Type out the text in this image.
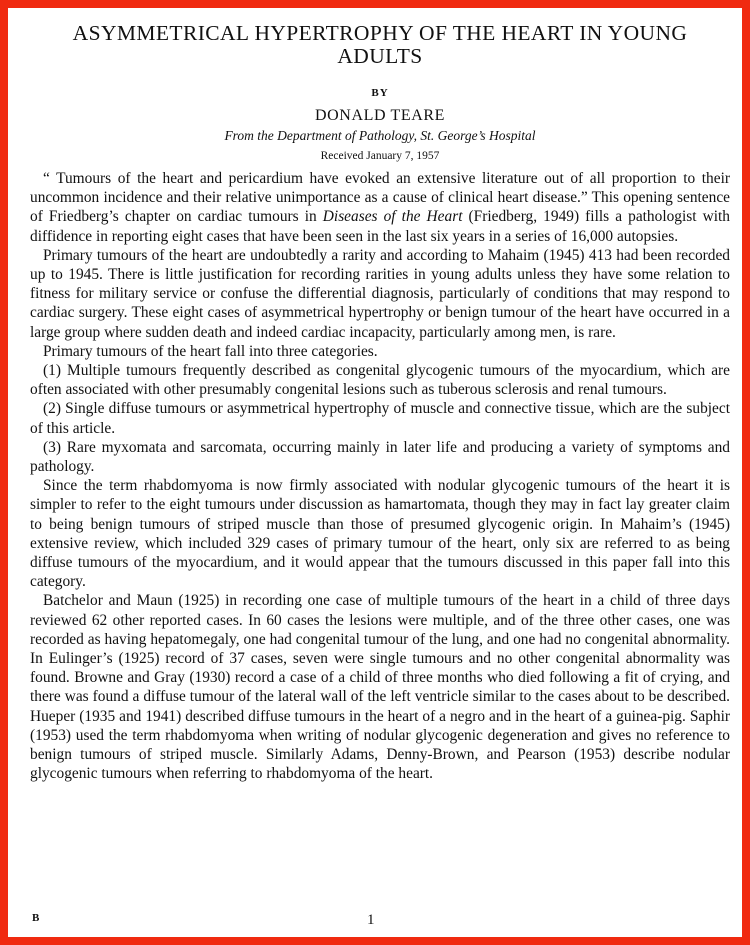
ASYMMETRICAL HYPERTROPHY OF THE HEART IN YOUNG ADULTS
BY
DONALD TEARE
From the Department of Pathology, St. George’s Hospital
Received January 7, 1957

“ Tumours of the heart and pericardium have evoked an extensive literature out of all proportion to their uncommon incidence and their relative unimportance as a cause of clinical heart disease.” This opening sentence of Friedberg’s chapter on cardiac tumours in Diseases of the Heart (Friedberg, 1949) fills a pathologist with diffidence in reporting eight cases that have been seen in the last six years in a series of 16,000 autopsies.

Primary tumours of the heart are undoubtedly a rarity and according to Mahaim (1945) 413 had been recorded up to 1945. There is little justification for recording rarities in young adults unless they have some relation to fitness for military service or confuse the differential diagnosis, particularly of conditions that may respond to cardiac surgery. These eight cases of asymmetrical hypertrophy or benign tumour of the heart have occurred in a large group where sudden death and indeed cardiac incapacity, particularly among men, is rare.

Primary tumours of the heart fall into three categories.

(1) Multiple tumours frequently described as congenital glycogenic tumours of the myocardium, which are often associated with other presumably congenital lesions such as tuberous sclerosis and renal tumours.

(2) Single diffuse tumours or asymmetrical hypertrophy of muscle and connective tissue, which are the subject of this article.

(3) Rare myxomata and sarcomata, occurring mainly in later life and producing a variety of symptoms and pathology.

Since the term rhabdomyoma is now firmly associated with nodular glycogenic tumours of the heart it is simpler to refer to the eight tumours under discussion as hamartomata, though they may in fact lay greater claim to being benign tumours of striped muscle than those of presumed glycogenic origin. In Mahaim’s (1945) extensive review, which included 329 cases of primary tumour of the heart, only six are referred to as being diffuse tumours of the myocardium, and it would appear that the tumours discussed in this paper fall into this category.

Batchelor and Maun (1925) in recording one case of multiple tumours of the heart in a child of three days reviewed 62 other reported cases. In 60 cases the lesions were multiple, and of the three other cases, one was recorded as having hepatomegaly, one had congenital tumour of the lung, and one had no congenital abnormality. In Eulinger’s (1925) record of 37 cases, seven were single tumours and no other congenital abnormality was found. Browne and Gray (1930) record a case of a child of three months who died following a fit of crying, and there was found a diffuse tumour of the lateral wall of the left ventricle similar to the cases about to be described. Hueper (1935 and 1941) described diffuse tumours in the heart of a negro and in the heart of a guinea-pig. Saphir (1953) used the term rhabdomyoma when writing of nodular glycogenic degeneration and gives no reference to benign tumours of striped muscle. Similarly Adams, Denny-Brown, and Pearson (1953) describe nodular glycogenic tumours when referring to rhabdomyoma of the heart.

B	1
